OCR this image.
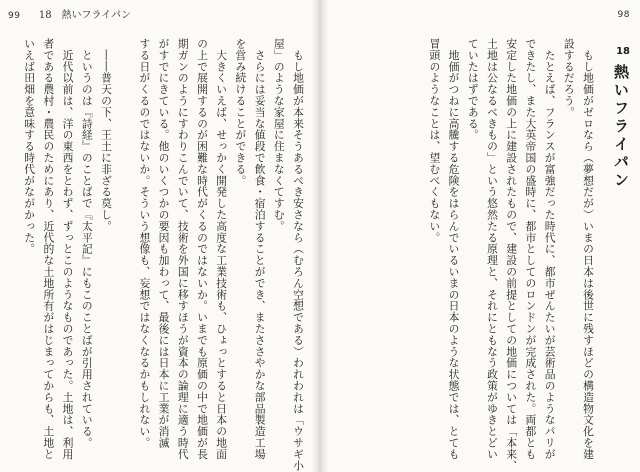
99 18　熱いフライパン

　もし地価が本来そうあるべき安さなら（むろん空想である）われわれは「ウサギ小

屋」のような家屋に住まなくてすむ。

　さらには妥当な値段で飲食・宿泊することができ、またささやかな部品製造工場

を営み続けることができる。

　大きくいえば、せっかく開発した高度な工業技術も、ひょっとすると日本の地面

の上で展開するのが困難な時代がくるのではないか。いまでも原価の中で地価が長

期ガンのようにすわりこんでいて、技術を外国に移すほうが資本の論理に適う時代

がすでにきている。他のいくつかの要因も加わって、最後には日本に工業が消滅

する日がくるのではないか。そういう想像も、妄想ではなくなるかもしれない。

　――普天の下、王土に非ざる莫し。

　というのは『詩経』のことばで『太平記』にもこのことばが引用されている。

　近代以前は、洋の東西をとわず、ずっとこのようなものであった。土地は、利用

者である農村・農民のためにあり、近代的な土地所有がはじまってからも、土地と

いえば田畑を意味する時代がながかった。

98
18
熱いフライパン

　もし地価がゼロなら（夢想だが）いまの日本は後世に残すほどの構造物文化を建

設するだろう。

　たとえば、フランスが富強だった時代に、都市ぜんたいが芸術品のようなパリが

できたし、また大英帝国の盛時に、都市としてのロンドンが完成された。両都とも

安定した地価の上に建設されたもので、建設の前提としての地価については「本来、

土地は公なるべきもの」という悠然たる原理と、それにともなう政策がゆきとどい

ていたはずである。

　地価がつねに高騰する危険をはらんでいるいまの日本のような状態では、とても

冒頭のようなことは、望むべくもない。
